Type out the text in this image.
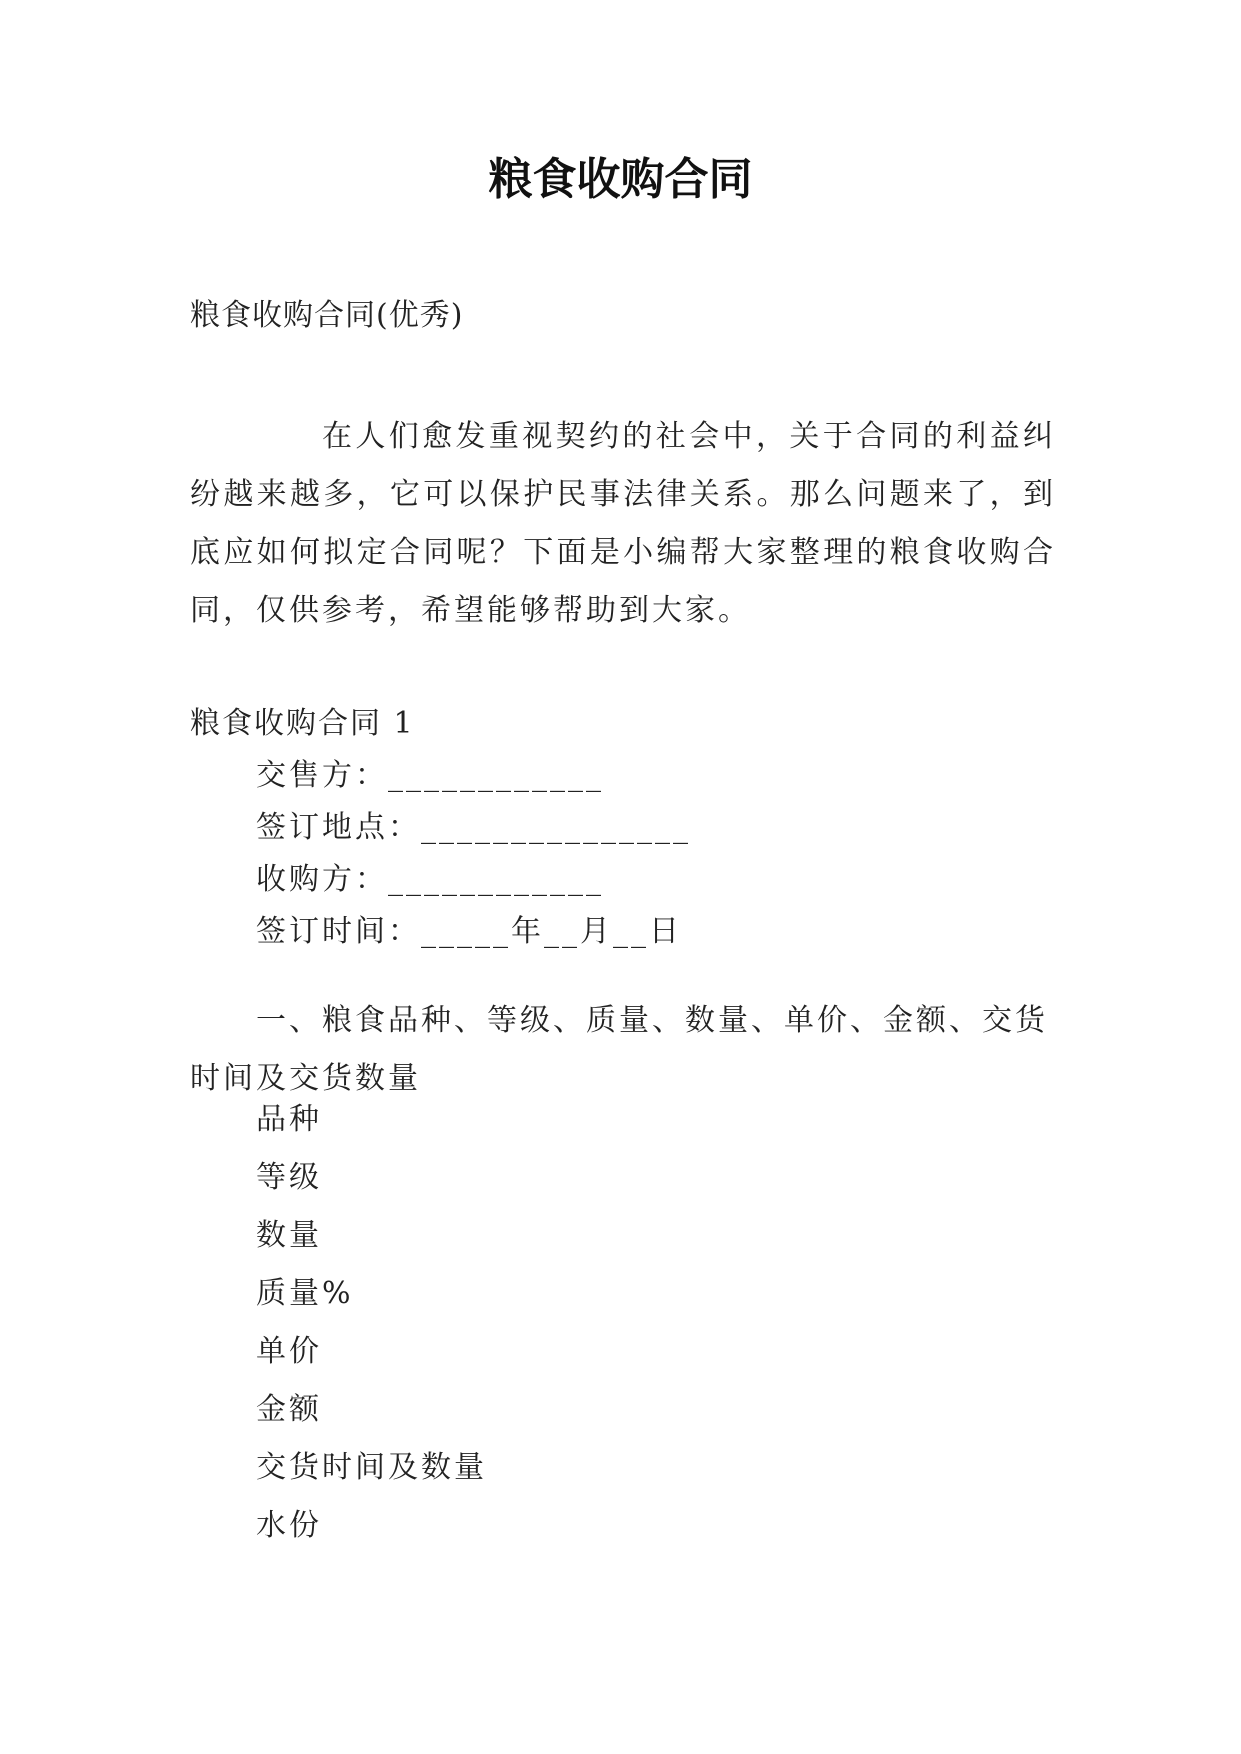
粮食收购合同
粮食收购合同(优秀)

在人们愈发重视契约的社会中，关于合同的利益纠纷越来越多，它可以保护民事法律关系。那么问题来了，到底应如何拟定合同呢？下面是小编帮大家整理的粮食收购合同，仅供参考，希望能够帮助到大家。

粮食收购合同 1
交售方：____________
签订地点：_______________
收购方：____________
签订时间：_____年__月__日

一、粮食品种、等级、质量、数量、单价、金额、交货时间及交货数量

品种
等级
数量
质量%
单价
金额
交货时间及数量
水份
